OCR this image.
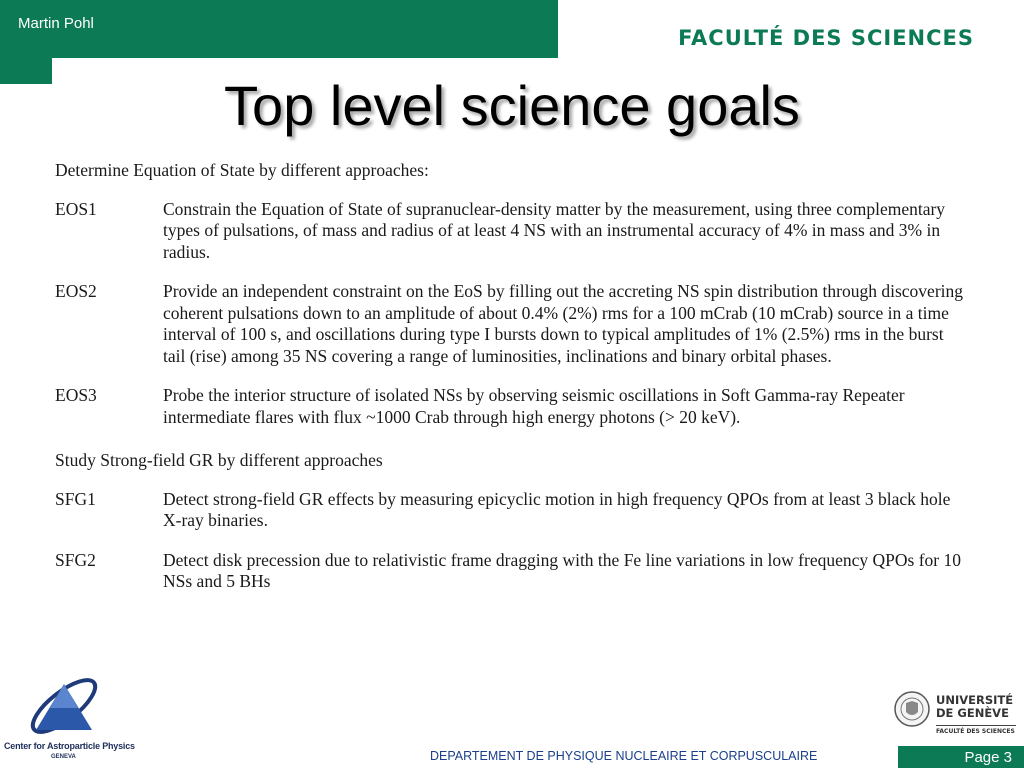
Martin Pohl
FACULTÉ DES SCIENCES
Top level science goals

Determine Equation of State by different approaches:

EOS1	Constrain the Equation of State of supranuclear-density matter by the measurement, using three complementary types of pulsations, of mass and radius of at least 4 NS with an instrumental accuracy of 4% in mass and 3% in radius.
EOS2	Provide an independent constraint on the EoS by filling out the accreting NS spin distribution through discovering coherent pulsations down to an amplitude of about 0.4% (2%) rms for a 100 mCrab (10 mCrab) source in a time interval of 100 s, and oscillations during type I bursts down to typical amplitudes of 1% (2.5%) rms in the burst tail (rise) among 35 NS covering a range of luminosities, inclinations and binary orbital phases.
EOS3	Probe the interior structure of isolated NSs by observing seismic oscillations in Soft Gamma-ray Repeater intermediate flares with flux ~1000 Crab through high energy photons (> 20 keV).

Study Strong-field GR by different approaches

SFG1	Detect strong-field GR effects by measuring epicyclic motion in high frequency QPOs from at least 3 black hole X-ray binaries.
SFG2	Detect disk precession due to relativistic frame dragging with the Fe line variations in low frequency QPOs for 10 NSs and 5 BHs
Center for Astroparticle Physics
GENEVA	DEPARTEMENT DE PHYSIQUE NUCLEAIRE ET CORPUSCULAIRE
UNIVERSITÉ
DE GENÈVE
FACULTÉ DES SCIENCES
Page 3
